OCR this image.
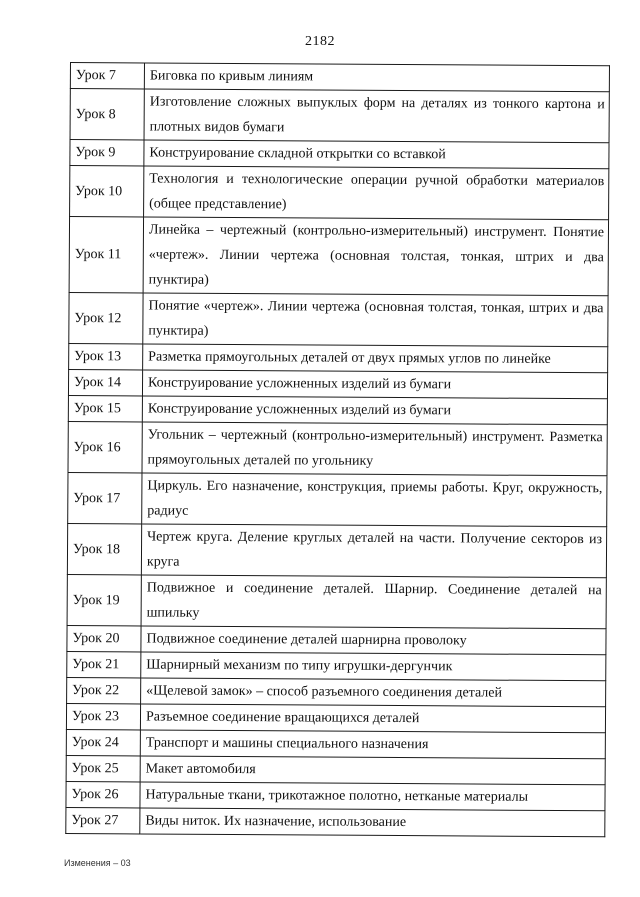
2182
Урок 7	Биговка по кривым линиям
Урок 8	Изготовление сложных выпуклых форм на деталях из тонкого картона и плотных видов бумаги
Урок 9	Конструирование складной открытки со вставкой
Урок 10	Технология и технологические операции ручной обработки материалов (общее представление)
Урок 11	Линейка – чертежный (контрольно-измерительный) инструмент. Понятие «чертеж». Линии чертежа (основная толстая, тонкая, штрих и два пунктира)
Урок 12	Понятие «чертеж». Линии чертежа (основная толстая, тонкая, штрих и два пунктира)
Урок 13	Разметка прямоугольных деталей от двух прямых углов по линейке
Урок 14	Конструирование усложненных изделий из бумаги
Урок 15	Конструирование усложненных изделий из бумаги
Урок 16	Угольник – чертежный (контрольно-измерительный) инструмент. Разметка прямоугольных деталей по угольнику
Урок 17	Циркуль. Его назначение, конструкция, приемы работы. Круг, окружность, радиус
Урок 18	Чертеж круга. Деление круглых деталей на части. Получение секторов из круга
Урок 19	Подвижное и соединение деталей. Шарнир. Соединение деталей на шпильку
Урок 20	Подвижное соединение деталей шарнирна проволоку
Урок 21	Шарнирный механизм по типу игрушки-дергунчик
Урок 22	«Щелевой замок» – способ разъемного соединения деталей
Урок 23	Разъемное соединение вращающихся деталей
Урок 24	Транспорт и машины специального назначения
Урок 25	Макет автомобиля
Урок 26	Натуральные ткани, трикотажное полотно, нетканые материалы
Урок 27	Виды ниток. Их назначение, использование
Изменения – 03
